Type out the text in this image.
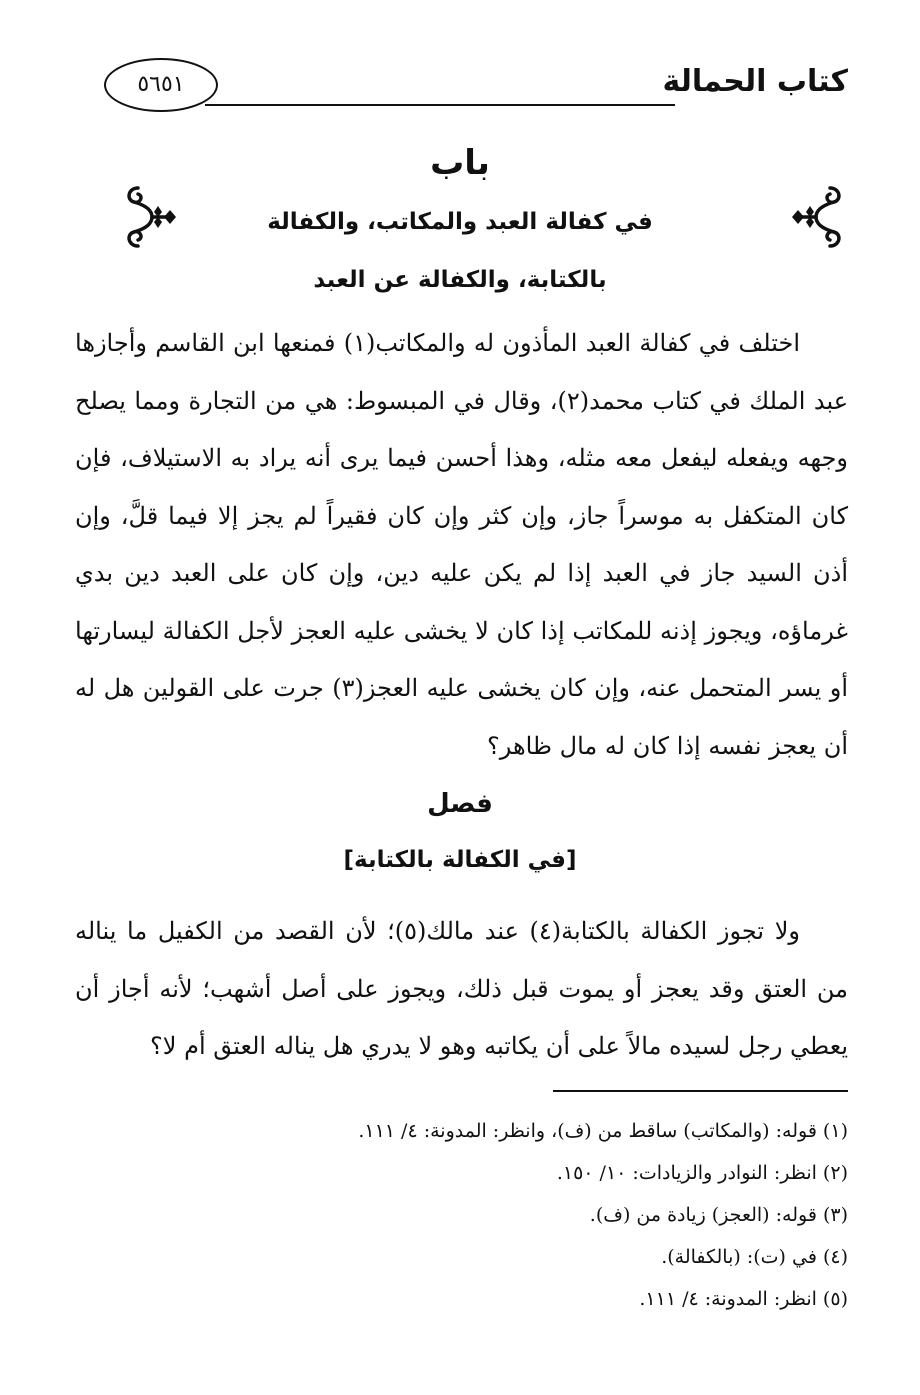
كتاب الحمالة
٥٦٥١
باب
في كفالة العبد والمكاتب، والكفالة
بالكتابة، والكفالة عن العبد

اختلف في كفالة العبد المأذون له والمكاتب(١) فمنعها ابن القاسم وأجازها عبد الملك في كتاب محمد(٢)، وقال في المبسوط: هي من التجارة ومما يصلح وجهه ويفعله ليفعل معه مثله، وهذا أحسن فيما يرى أنه يراد به الاستيلاف، فإن كان المتكفل به موسراً جاز، وإن كثر وإن كان فقيراً لم يجز إلا فيما قلَّ، وإن أذن السيد جاز في العبد إذا لم يكن عليه دين، وإن كان على العبد دين بدي غرماؤه، ويجوز إذنه للمكاتب إذا كان لا يخشى عليه العجز لأجل الكفالة ليسارتها أو يسر المتحمل عنه، وإن كان يخشى عليه العجز(٣) جرت على القولين هل له أن يعجز نفسه إذا كان له مال ظاهر؟

فصل
[في الكفالة بالكتابة]

ولا تجوز الكفالة بالكتابة(٤) عند مالك(٥)؛ لأن القصد من الكفيل ما يناله من العتق وقد يعجز أو يموت قبل ذلك، ويجوز على أصل أشهب؛ لأنه أجاز أن يعطي رجل لسيده مالاً على أن يكاتبه وهو لا يدري هل يناله العتق أم لا؟

(١) قوله: (والمكاتب) ساقط من (ف)، وانظر: المدونة: ٤/ ١١١.
(٢) انظر: النوادر والزيادات: ١٠/ ١٥٠.
(٣) قوله: (العجز) زيادة من (ف).
(٤) في (ت): (بالكفالة).
(٥) انظر: المدونة: ٤/ ١١١.
